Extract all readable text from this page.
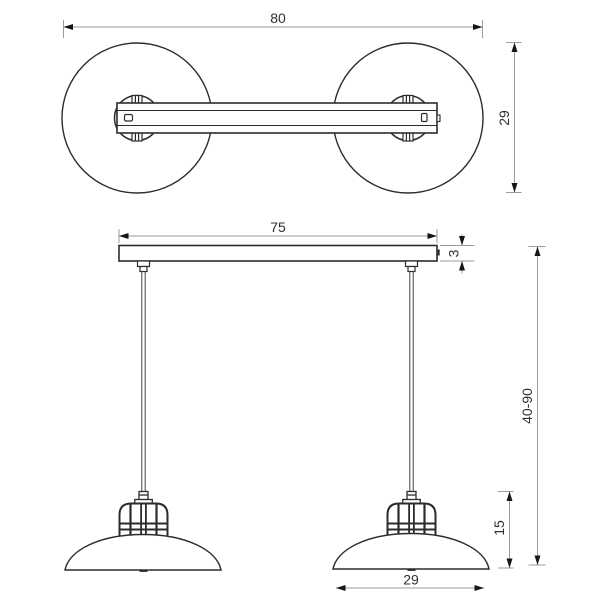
80
29
75
3
40-90
15
29
